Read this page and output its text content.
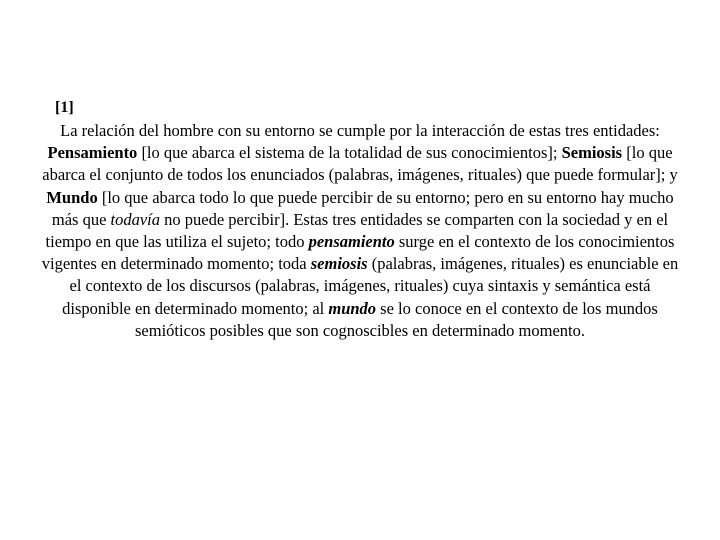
[1]
La relación del hombre con su entorno se cumple por la interacción de estas tres entidades: Pensamiento [lo que abarca el sistema de la totalidad de sus conocimientos]; Semiosis [lo que abarca el conjunto de todos los enunciados (palabras, imágenes, rituales) que puede formular]; y Mundo [lo que abarca todo lo que puede percibir de su entorno; pero en su entorno hay mucho más que todavía no puede percibir]. Estas tres entidades se comparten con la sociedad y en el tiempo en que las utiliza el sujeto; todo pensamiento surge en el contexto de los conocimientos vigentes en determinado momento; toda semiosis (palabras, imágenes, rituales) es enunciable en el contexto de los discursos (palabras, imágenes, rituales) cuya sintaxis y semántica está disponible en determinado momento; al mundo se lo conoce en el contexto de los mundos semióticos posibles que son cognoscibles en determinado momento.
